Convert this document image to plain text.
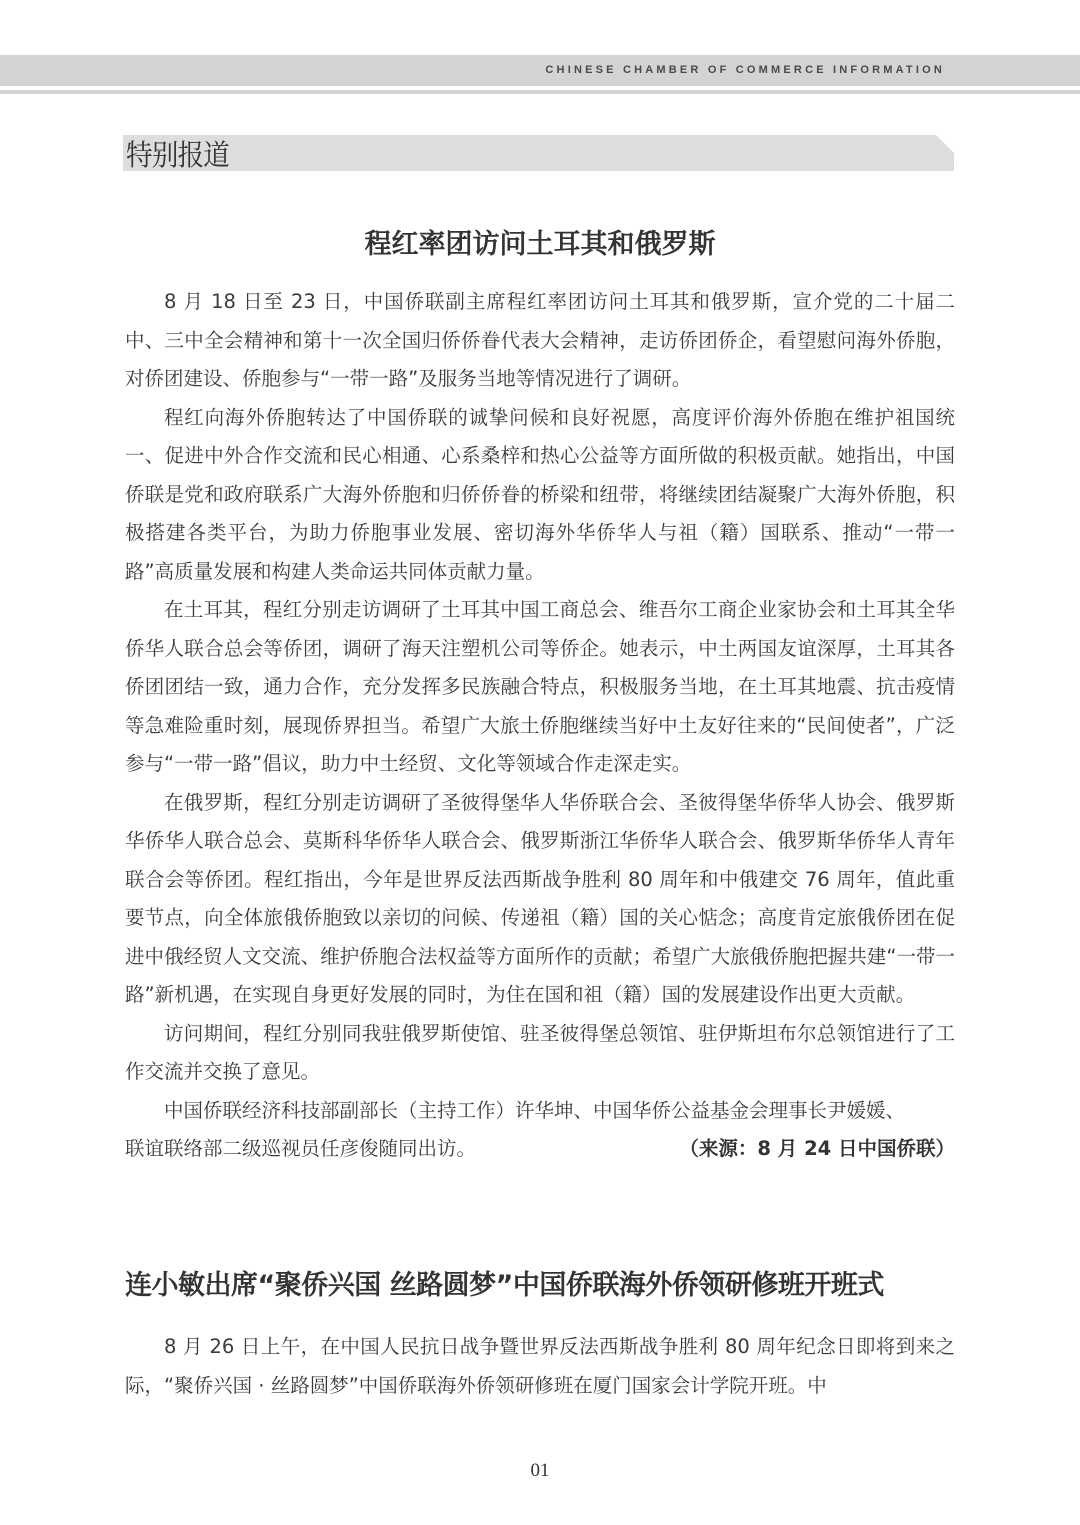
CHINESE CHAMBER OF COMMERCE INFORMATION
特别报道
程红率团访问土耳其和俄罗斯

8 月 18 日至 23 日，中国侨联副主席程红率团访问土耳其和俄罗斯，宣介党的二十届二中、三中全会精神和第十一次全国归侨侨眷代表大会精神，走访侨团侨企，看望慰问海外侨胞，对侨团建设、侨胞参与“一带一路”及服务当地等情况进行了调研。

程红向海外侨胞转达了中国侨联的诚挚问候和良好祝愿，高度评价海外侨胞在维护祖国统一、促进中外合作交流和民心相通、心系桑梓和热心公益等方面所做的积极贡献。她指出，中国侨联是党和政府联系广大海外侨胞和归侨侨眷的桥梁和纽带，将继续团结凝聚广大海外侨胞，积极搭建各类平台，为助力侨胞事业发展、密切海外华侨华人与祖（籍）国联系、推动“一带一路”高质量发展和构建人类命运共同体贡献力量。

在土耳其，程红分别走访调研了土耳其中国工商总会、维吾尔工商企业家协会和土耳其全华侨华人联合总会等侨团，调研了海天注塑机公司等侨企。她表示，中土两国友谊深厚，土耳其各侨团团结一致，通力合作，充分发挥多民族融合特点，积极服务当地，在土耳其地震、抗击疫情等急难险重时刻，展现侨界担当。希望广大旅土侨胞继续当好中土友好往来的“民间使者”，广泛参与“一带一路”倡议，助力中土经贸、文化等领域合作走深走实。

在俄罗斯，程红分别走访调研了圣彼得堡华人华侨联合会、圣彼得堡华侨华人协会、俄罗斯华侨华人联合总会、莫斯科华侨华人联合会、俄罗斯浙江华侨华人联合会、俄罗斯华侨华人青年联合会等侨团。程红指出，今年是世界反法西斯战争胜利 80 周年和中俄建交 76 周年，值此重要节点，向全体旅俄侨胞致以亲切的问候、传递祖（籍）国的关心惦念；高度肯定旅俄侨团在促进中俄经贸人文交流、维护侨胞合法权益等方面所作的贡献；希望广大旅俄侨胞把握共建“一带一路”新机遇，在实现自身更好发展的同时，为住在国和祖（籍）国的发展建设作出更大贡献。

访问期间，程红分别同我驻俄罗斯使馆、驻圣彼得堡总领馆、驻伊斯坦布尔总领馆进行了工作交流并交换了意见。

中国侨联经济科技部副部长（主持工作）许华坤、中国华侨公益基金会理事长尹媛媛、

联谊联络部二级巡视员任彦俊随同出访。	（来源：8 月 24 日中国侨联）
连小敏出席“聚侨兴国 丝路圆梦”中国侨联海外侨领研修班开班式

8 月 26 日上午，在中国人民抗日战争暨世界反法西斯战争胜利 80 周年纪念日即将到来之际，“聚侨兴国 · 丝路圆梦”中国侨联海外侨领研修班在厦门国家会计学院开班。中

01
